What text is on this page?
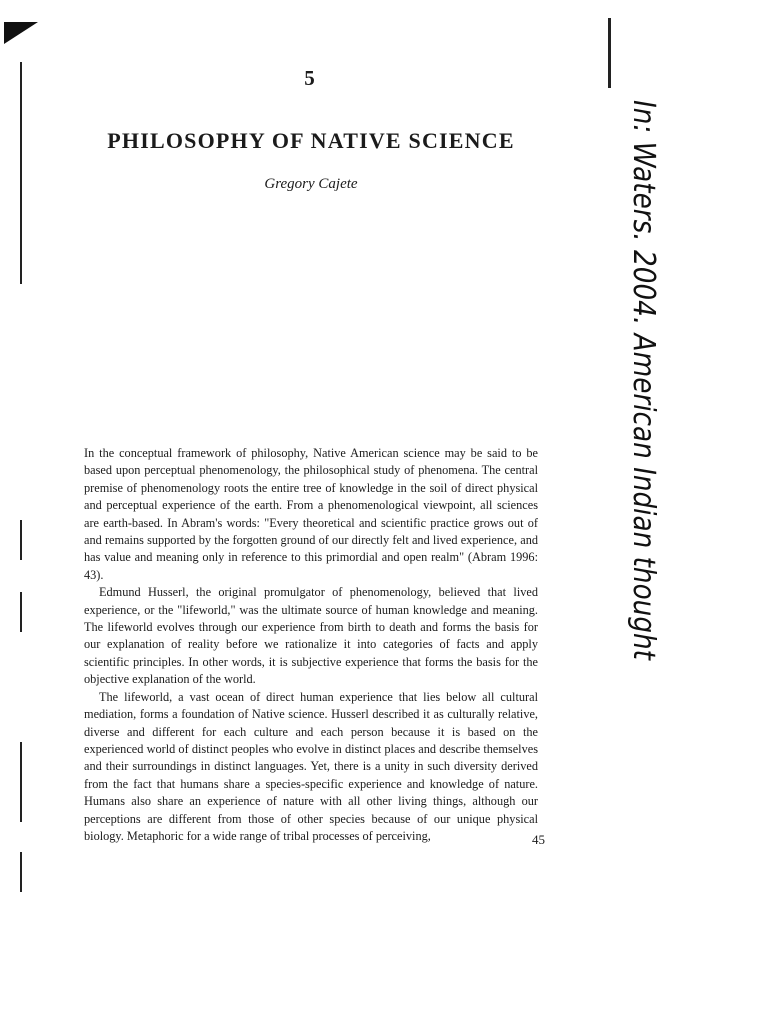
5
PHILOSOPHY OF NATIVE SCIENCE
Gregory Cajete

In the conceptual framework of philosophy, Native American science may be said to be based upon perceptual phenomenology, the philosophical study of phenomena. The central premise of phenomenology roots the entire tree of knowledge in the soil of direct physical and perceptual experience of the earth. From a phenomenological viewpoint, all sciences are earth-based. In Abram's words: "Every theoretical and scientific practice grows out of and remains supported by the forgotten ground of our directly felt and lived experience, and has value and meaning only in reference to this primordial and open realm" (Abram 1996: 43).

Edmund Husserl, the original promulgator of phenomenology, believed that lived experience, or the "lifeworld," was the ultimate source of human knowledge and meaning. The lifeworld evolves through our experience from birth to death and forms the basis for our explanation of reality before we rationalize it into categories of facts and apply scientific principles. In other words, it is subjective experience that forms the basis for the objective explanation of the world.

The lifeworld, a vast ocean of direct human experience that lies below all cultural mediation, forms a foundation of Native science. Husserl described it as culturally relative, diverse and different for each culture and each person because it is based on the experienced world of distinct peoples who evolve in distinct places and describe themselves and their surroundings in distinct languages. Yet, there is a unity in such diversity derived from the fact that humans share a species-specific experience and knowledge of nature. Humans also share an experience of nature with all other living things, although our perceptions are different from those of other species because of our unique physical biology. Metaphoric for a wide range of tribal processes of perceiving,	45
In: Waters. 2004. American Indian thought
